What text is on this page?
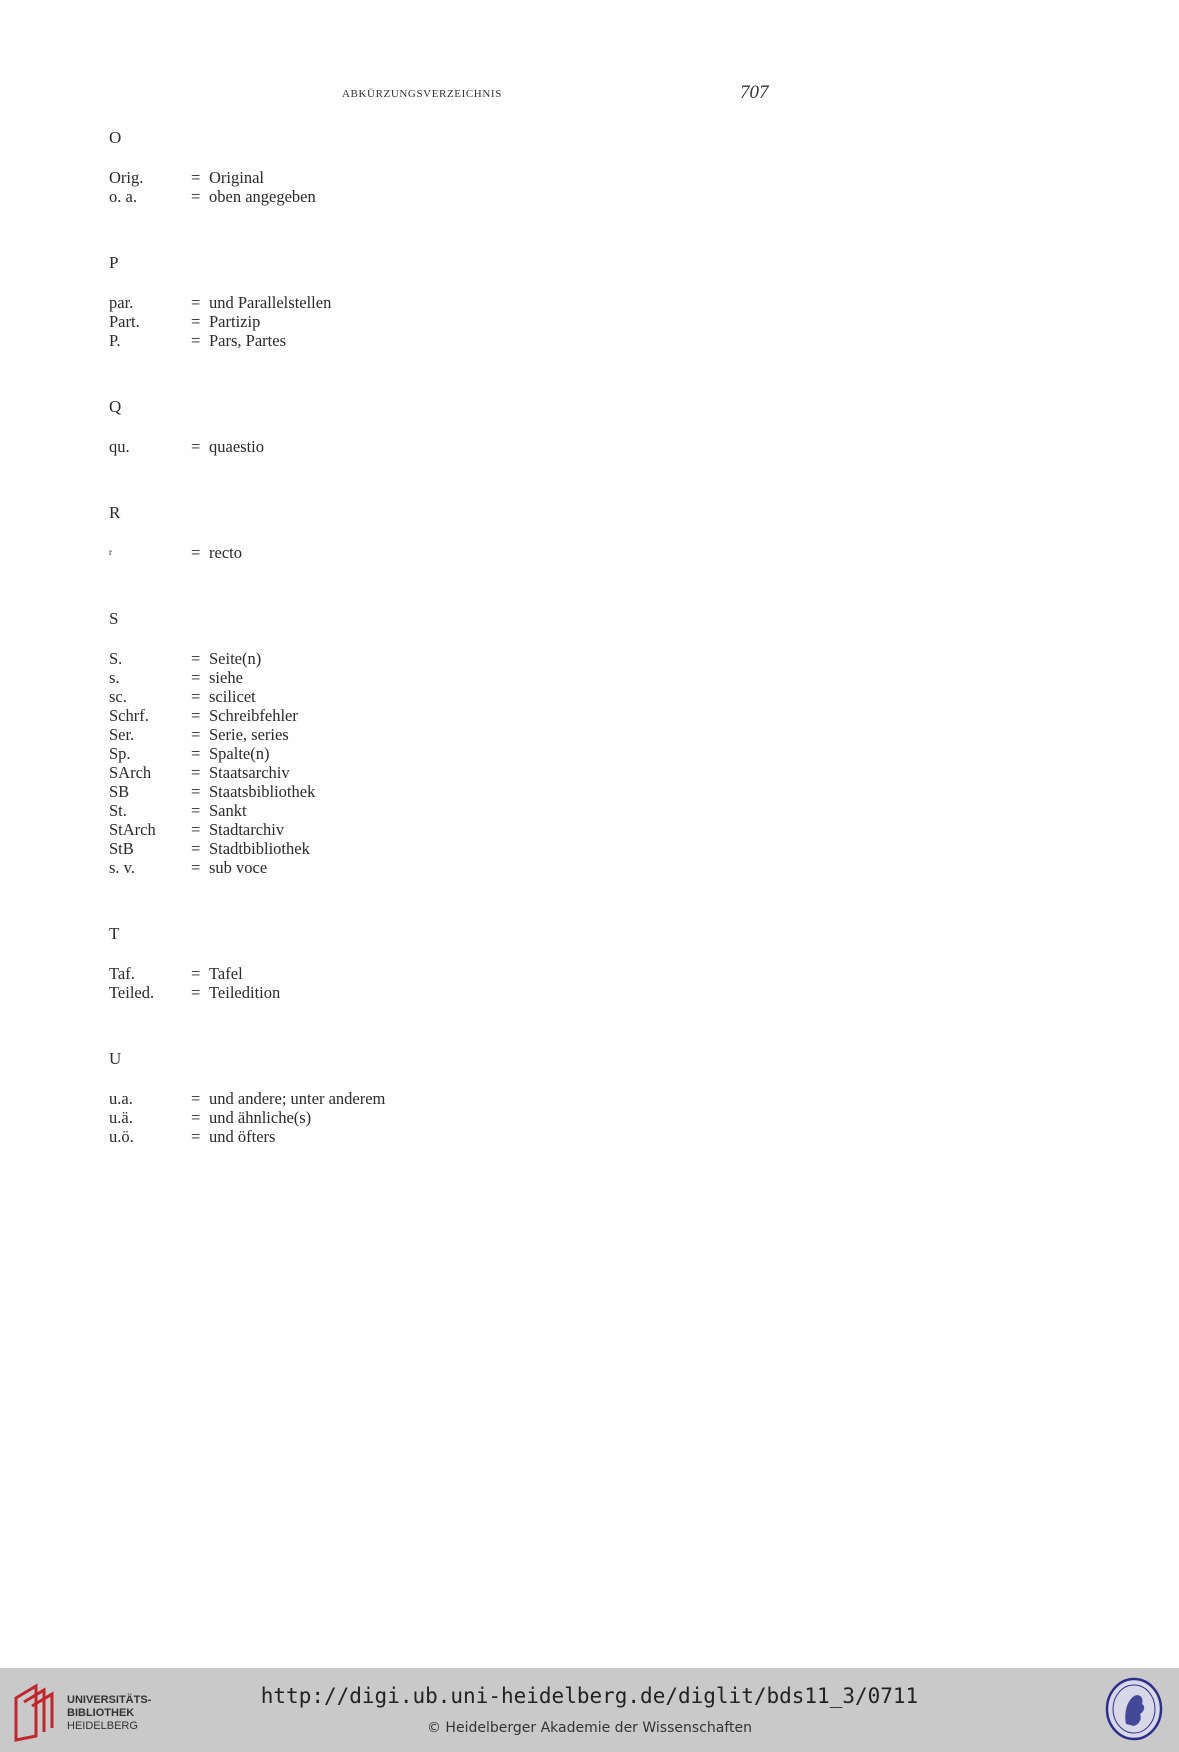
abkürzungsverzeichnis	707
O
Orig.	= Original
o. a.	= oben angegeben
P
par.	= und Parallelstellen
Part.	= Partizip
P.	= Pars, Partes
Q
qu.	= quaestio
R
$^r$	= recto
S
S.	= Seite(n)
s.	= siehe
sc.	= scilicet
Schrf.	= Schreibfehler
Ser.	= Serie, series
Sp.	= Spalte(n)
SArch	= Staatsarchiv
SB	= Staatsbibliothek
St.	= Sankt
StArch	= Stadtarchiv
StB	= Stadtbibliothek
s. v.	= sub voce
T
Taf.	= Tafel
Teiled.	= Teiledition
U
u.a.	= und andere; unter anderem
u.ä.	= und ähnliche(s)
u.ö.	= und öfters
UNIVERSITÄTS-
BIBLIOTHEK
HEIDELBERG
http://digi.ub.uni-heidelberg.de/diglit/bds11_3/0711
© Heidelberger Akademie der Wissenschaften
